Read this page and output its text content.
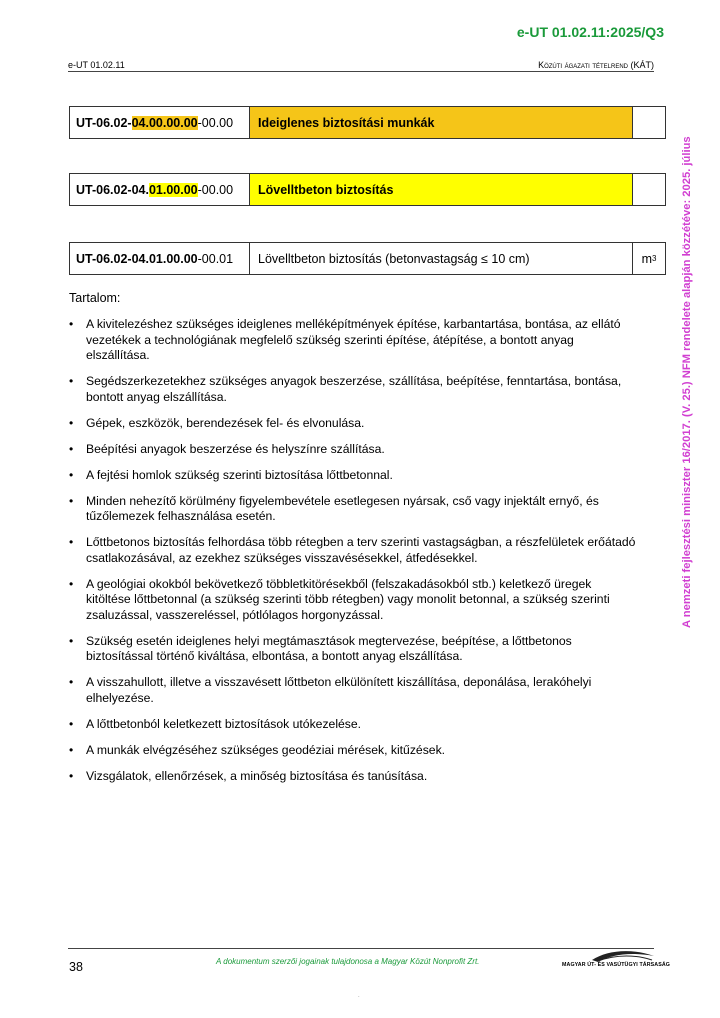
e-UT 01.02.11:2025/Q3
e-UT 01.02.11	Közúti ágazati tételrend (KÁT)
A nemzeti fejlesztési miniszter 16/2017. (V. 25.) NFM rendelete alapján közzétéve: 2025. július
UT-06.02- 04.00.00.00 -00.00	Ideiglenes biztosítási munkák
UT-06.02-04. 01.00.00 -00.00	Lövelltbeton biztosítás
UT-06.02-04.01.00.00 -00.01	Lövelltbeton biztosítás (betonvastagság ≤ 10 cm)	m 3
Tartalom:
• A kivitelezéshez szükséges ideiglenes melléképítmények építése, karbantartása, bontása, az ellátó vezetékek a technológiának megfelelő szükség szerinti építése, átépítése, a bontott anyag elszállítása.
• Segédszerkezetekhez szükséges anyagok beszerzése, szállítása, beépítése, fenntartása, bontása, bontott anyag elszállítása.
• Gépek, eszközök, berendezések fel- és elvonulása.
• Beépítési anyagok beszerzése és helyszínre szállítása.
• A fejtési homlok szükség szerinti biztosítása lőttbetonnal.
• Minden nehezítő körülmény figyelembevétele esetlegesen nyársak, cső vagy injektált ernyő, és tűzőlemezek felhasználása esetén.
• Lőttbetonos biztosítás felhordása több rétegben a terv szerinti vastagságban, a részfelületek erőátadó csatlakozásával, az ezekhez szükséges visszavésésekkel, átfedésekkel.
• A geológiai okokból bekövetkező többletkitörésekből (felszakadásokból stb.) keletkező üregek kitöltése lőttbetonnal (a szükség szerinti több rétegben) vagy monolit betonnal, a szükség szerinti zsaluzással, vasszereléssel, pótlólagos horgonyzással.
• Szükség esetén ideiglenes helyi megtámasztások megtervezése, beépítése, a lőttbetonos biztosítással történő kiváltása, elbontása, a bontott anyag elszállítása.
• A visszahullott, illetve a visszavésett lőttbeton elkülönített kiszállítása, deponálása, lerakóhelyi elhelyezése.
• A lőttbetonból keletkezett biztosítások utókezelése.
• A munkák elvégzéséhez szükséges geodéziai mérések, kitűzések.
• Vizsgálatok, ellenőrzések, a minőség biztosítása és tanúsítása.
38	A dokumentum szerzői jogainak tulajdonosa a Magyar Közút Nonprofit Zrt.	MAGYAR ÚT- ÉS VASÚTÜGYI TÁRSASÁG
.
